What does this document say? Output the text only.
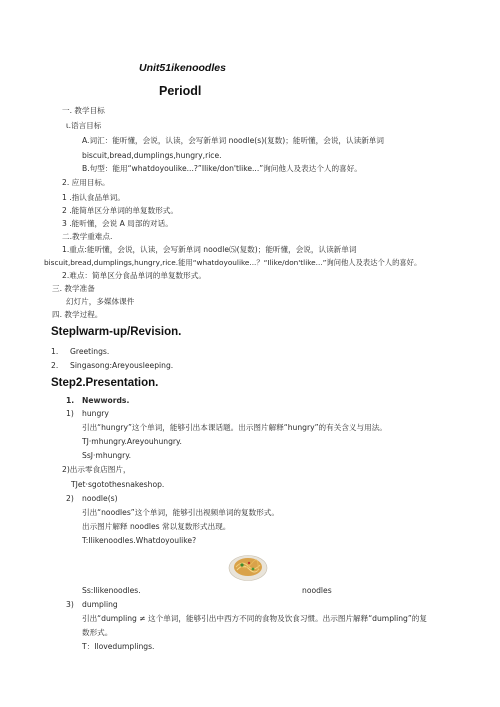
Unit51ikenoodles
Periodl
一. 教学目标
ι.语言目标
A.词汇：能听懂，会说，认读，会写新单词 noodle(s)(复数)；能听懂，会说，认读新单词
biscuit,bread,dumplings,hungry,rice.
B.句型：能用“whatdoyoulike...?”Ilike/don'tlike...”询问他人及表达个人的喜好。
2. 应用目标。
1 .指认食品单词。
2 .能简单区分单词的单复数形式。
3 .能听懂，会说 A 局部的对话。
二.教学重难点.
1.重点:能听懂，会说，认读，会写新单词 noodle⑸(复数)；能听懂，会说，认读新单词
biscuit,bread,dumplings,hungry,rice.能用“whatdoyoulike...？“Ilike/don'tlike...”询问他人及表达个人的喜好。
2.难点：简单区分食品单词的单复数形式。
三. 教学准备
幻灯片，多媒体课件
四. 教学过程。
Steplwarm-up/Revision.
1. Greetings.
2. Singasong:Areyousleeping.
Step2.Presentation.
1. Newwords.
1) hungry
引出“hungry”这个单词，能够引出本课话题。出示图片解释“hungry”的有关含义与用法。
TJ·mhungry.Areyouhungry.
SsJ·mhungry.
2)出示零食店图片，
TJet·sgotothesnakeshop.
2) noodle(s)
引出“noodles”这个单词，能够引出视频单词的复数形式。
出示图片解释 noodles 常以复数形式出现。
T:Ilikenoodles.Whatdoyoulike?
Ss:Ilikenoodles.	noodles
3) dumpling
引出“dumpling ≠ 这个单词，能够引出中西方不同的食物及饮食习惯。出示图片解释“dumpling”的复
数形式。
T：Ilovedumplings.
